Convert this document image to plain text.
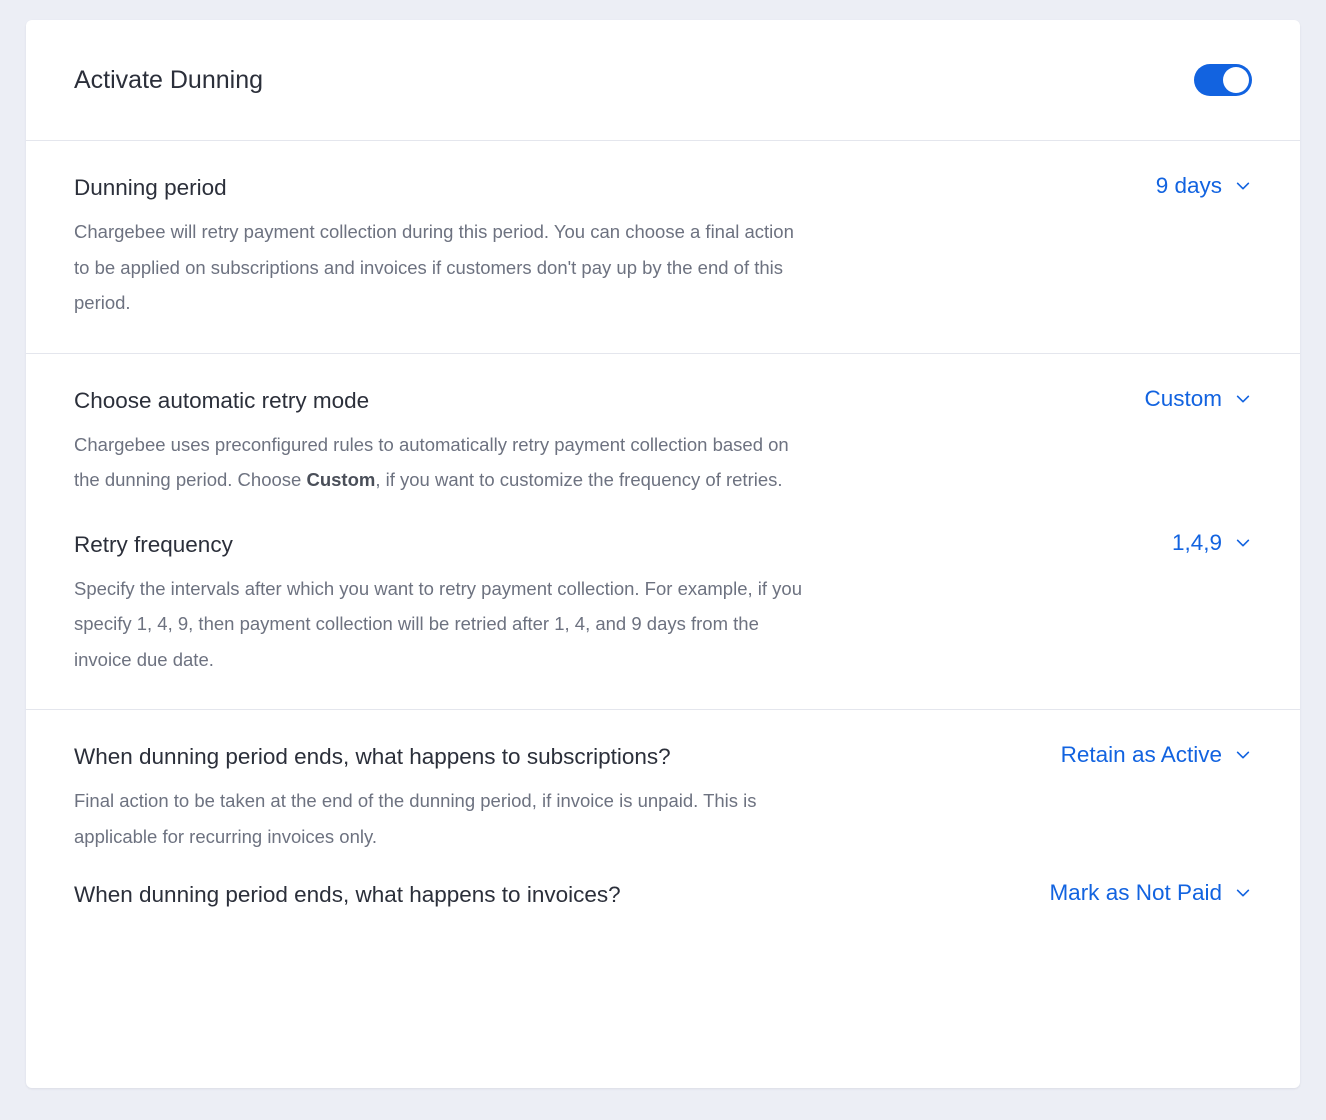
Activate Dunning
Dunning period
Chargebee will retry payment collection during this period. You can choose a final action to be applied on subscriptions and invoices if customers don't pay up by the end of this period.
9 days
Choose automatic retry mode
Chargebee uses preconfigured rules to automatically retry payment collection based on the dunning period. Choose Custom, if you want to customize the frequency of retries.
Custom
Retry frequency
Specify the intervals after which you want to retry payment collection. For example, if you specify 1, 4, 9, then payment collection will be retried after 1, 4, and 9 days from the invoice due date.
1,4,9
When dunning period ends, what happens to subscriptions?
Final action to be taken at the end of the dunning period, if invoice is unpaid. This is applicable for recurring invoices only.
Retain as Active
When dunning period ends, what happens to invoices?	Mark as Not Paid
